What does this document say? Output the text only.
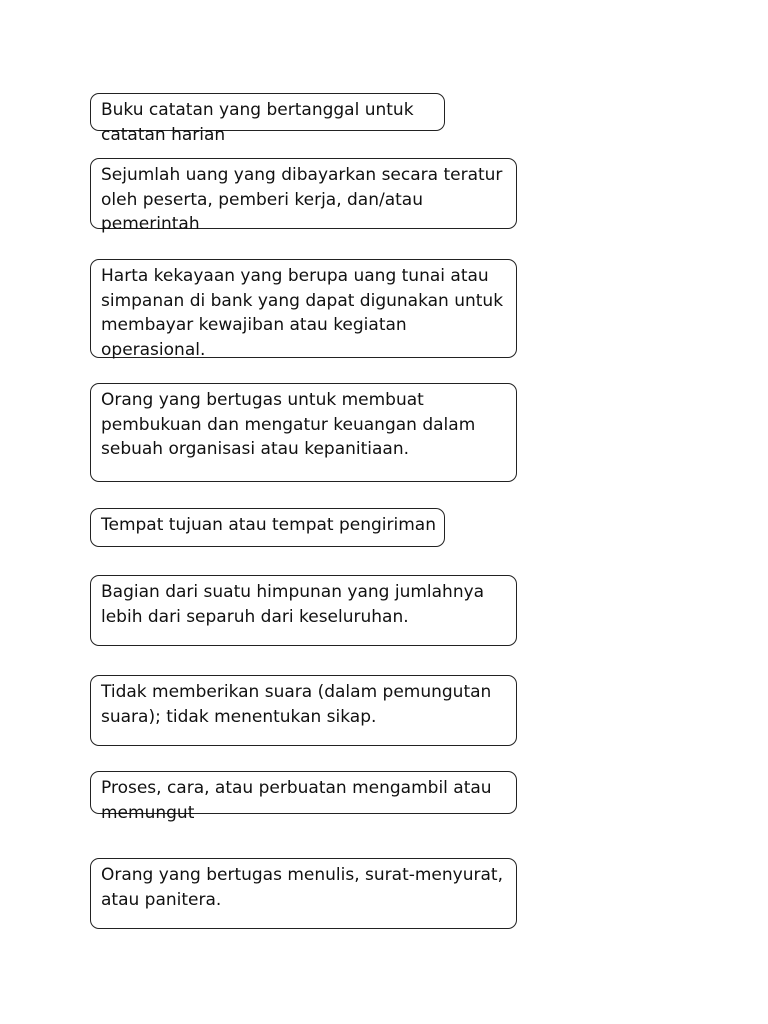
Buku catatan yang bertanggal untuk catatan harian
Sejumlah uang yang dibayarkan secara teratur oleh peserta, pemberi kerja, dan/atau pemerintah
Harta kekayaan yang berupa uang tunai atau simpanan di bank yang dapat digunakan untuk membayar kewajiban atau kegiatan operasional.
Orang yang bertugas untuk membuat pembukuan dan mengatur keuangan dalam sebuah organisasi atau kepanitiaan.
Tempat tujuan atau tempat pengiriman
Bagian dari suatu himpunan yang jumlahnya lebih dari separuh dari keseluruhan.
Tidak memberikan suara (dalam pemungutan suara); tidak menentukan sikap.
Proses, cara, atau perbuatan mengambil atau memungut
Orang yang bertugas menulis, surat-menyurat, atau panitera.
